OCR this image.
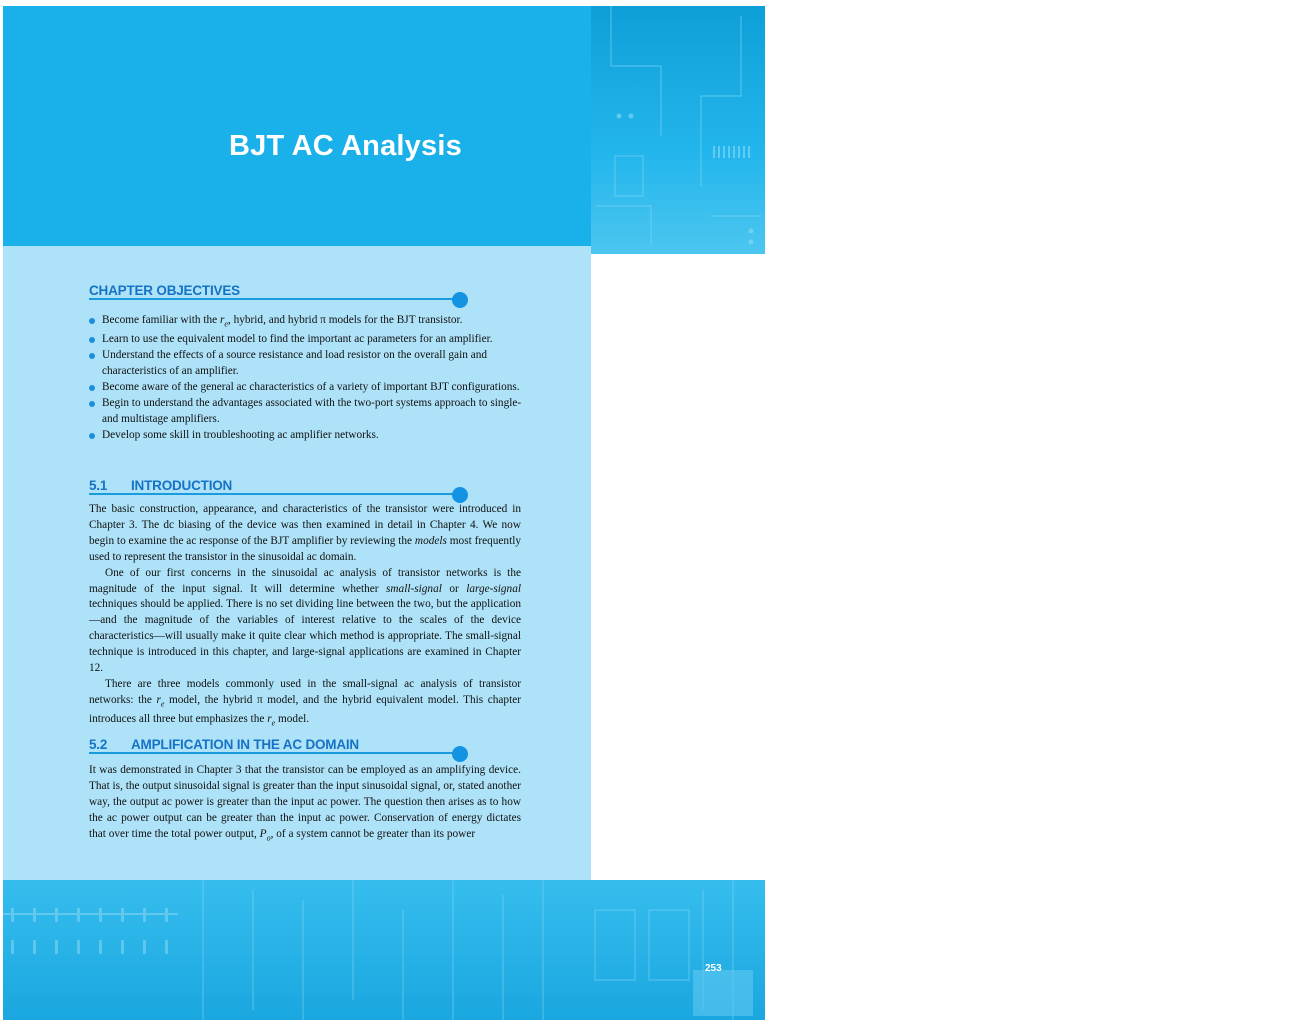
BJT AC Analysis	5
CHAPTER OBJECTIVES
Become familiar with the $r_e$, hybrid, and hybrid π models for the BJT transistor.
Learn to use the equivalent model to find the important ac parameters for an amplifier.
Understand the effects of a source resistance and load resistor on the overall gain and characteristics of an amplifier.
Become aware of the general ac characteristics of a variety of important BJT configurations.
Begin to understand the advantages associated with the two-port systems approach to single- and multistage amplifiers.
Develop some skill in troubleshooting ac amplifier networks.
5.1 INTRODUCTION

The basic construction, appearance, and characteristics of the transistor were introduced in Chapter 3. The dc biasing of the device was then examined in detail in Chapter 4. We now begin to examine the ac response of the BJT amplifier by reviewing the models most frequently used to represent the transistor in the sinusoidal ac domain.

One of our first concerns in the sinusoidal ac analysis of transistor networks is the magnitude of the input signal. It will determine whether small-signal or large-signal techniques should be applied. There is no set dividing line between the two, but the application—and the magnitude of the variables of interest relative to the scales of the device characteristics—will usually make it quite clear which method is appropriate. The small-signal technique is introduced in this chapter, and large-signal applications are examined in Chapter 12.

There are three models commonly used in the small-signal ac analysis of transistor networks: the $r_e$ model, the hybrid π model, and the hybrid equivalent model. This chapter introduces all three but emphasizes the $r_e$ model.

5.2 AMPLIFICATION IN THE AC DOMAIN

It was demonstrated in Chapter 3 that the transistor can be employed as an amplifying device. That is, the output sinusoidal signal is greater than the input sinusoidal signal, or, stated another way, the output ac power is greater than the input ac power. The question then arises as to how the ac power output can be greater than the input ac power. Conservation of energy dictates that over time the total power output, $P_o$, of a system cannot be greater than its power

253
